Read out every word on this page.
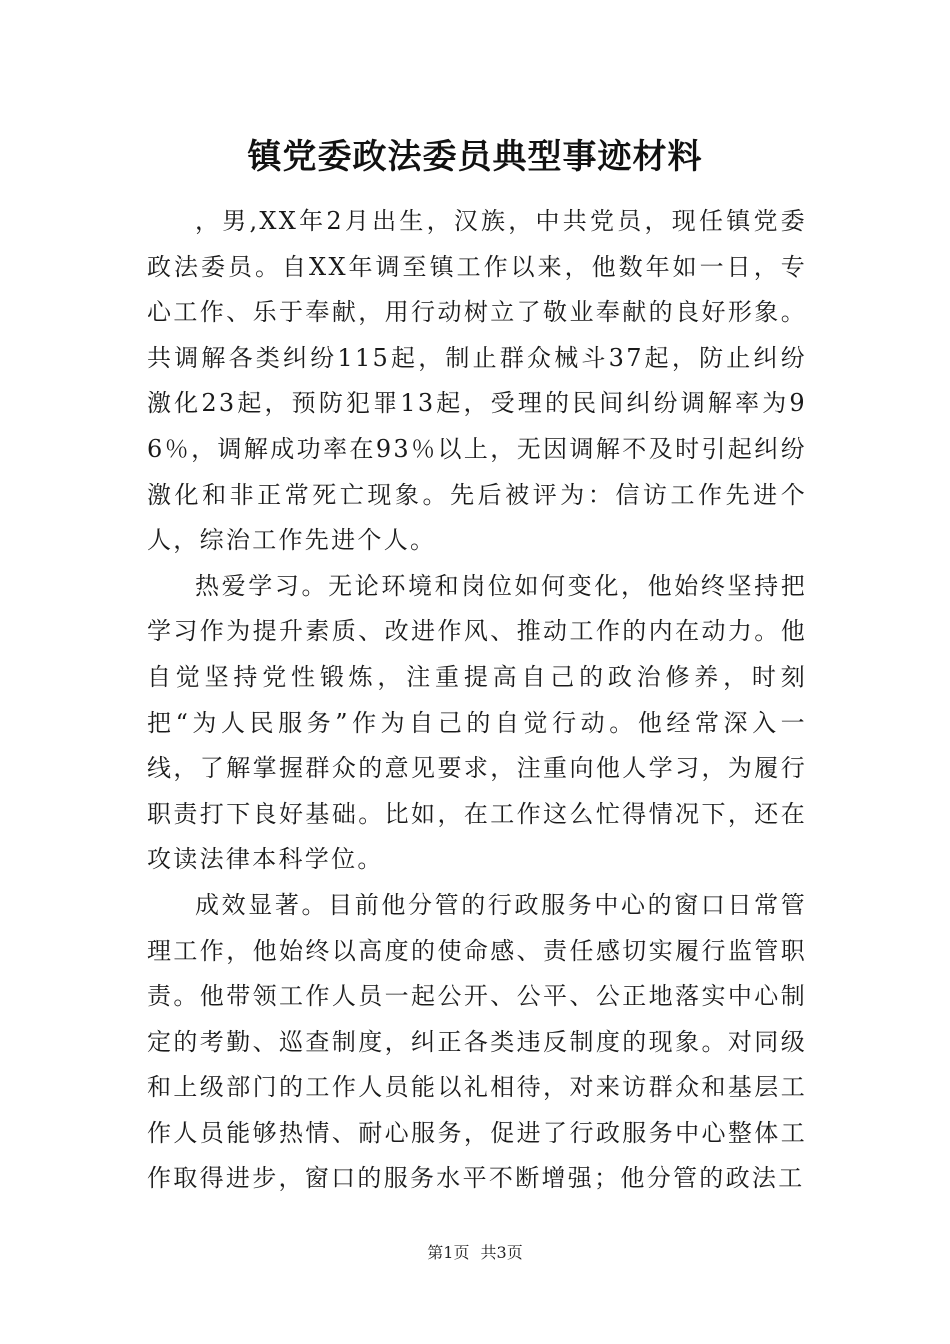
镇党委政法委员典型事迹材料

，男,XX年2月出生，汉族，中共党员，现任镇党委政法委员。自XX年调至镇工作以来，他数年如一日，专心工作、乐于奉献，用行动树立了敬业奉献的良好形象。共调解各类纠纷115起，制止群众械斗37起，防止纠纷激化23起，预防犯罪13起，受理的民间纠纷调解率为96％，调解成功率在93％以上，无因调解不及时引起纠纷激化和非正常死亡现象。先后被评为：信访工作先进个人，综治工作先进个人。

热爱学习。无论环境和岗位如何变化，他始终坚持把学习作为提升素质、改进作风、推动工作的内在动力。他自觉坚持党性锻炼，注重提高自己的政治修养，时刻把“为人民服务”作为自己的自觉行动。他经常深入一线，了解掌握群众的意见要求，注重向他人学习，为履行职责打下良好基础。比如，在工作这么忙得情况下，还在攻读法律本科学位。

成效显著。目前他分管的行政服务中心的窗口日常管理工作，他始终以高度的使命感、责任感切实履行监管职责。他带领工作人员一起公开、公平、公正地落实中心制定的考勤、巡查制度，纠正各类违反制度的现象。对同级和上级部门的工作人员能以礼相待，对来访群众和基层工作人员能够热情、耐心服务，促进了行政服务中心整体工作取得进步，窗口的服务水平不断增强；他分管的政法工

第1页 共3页
